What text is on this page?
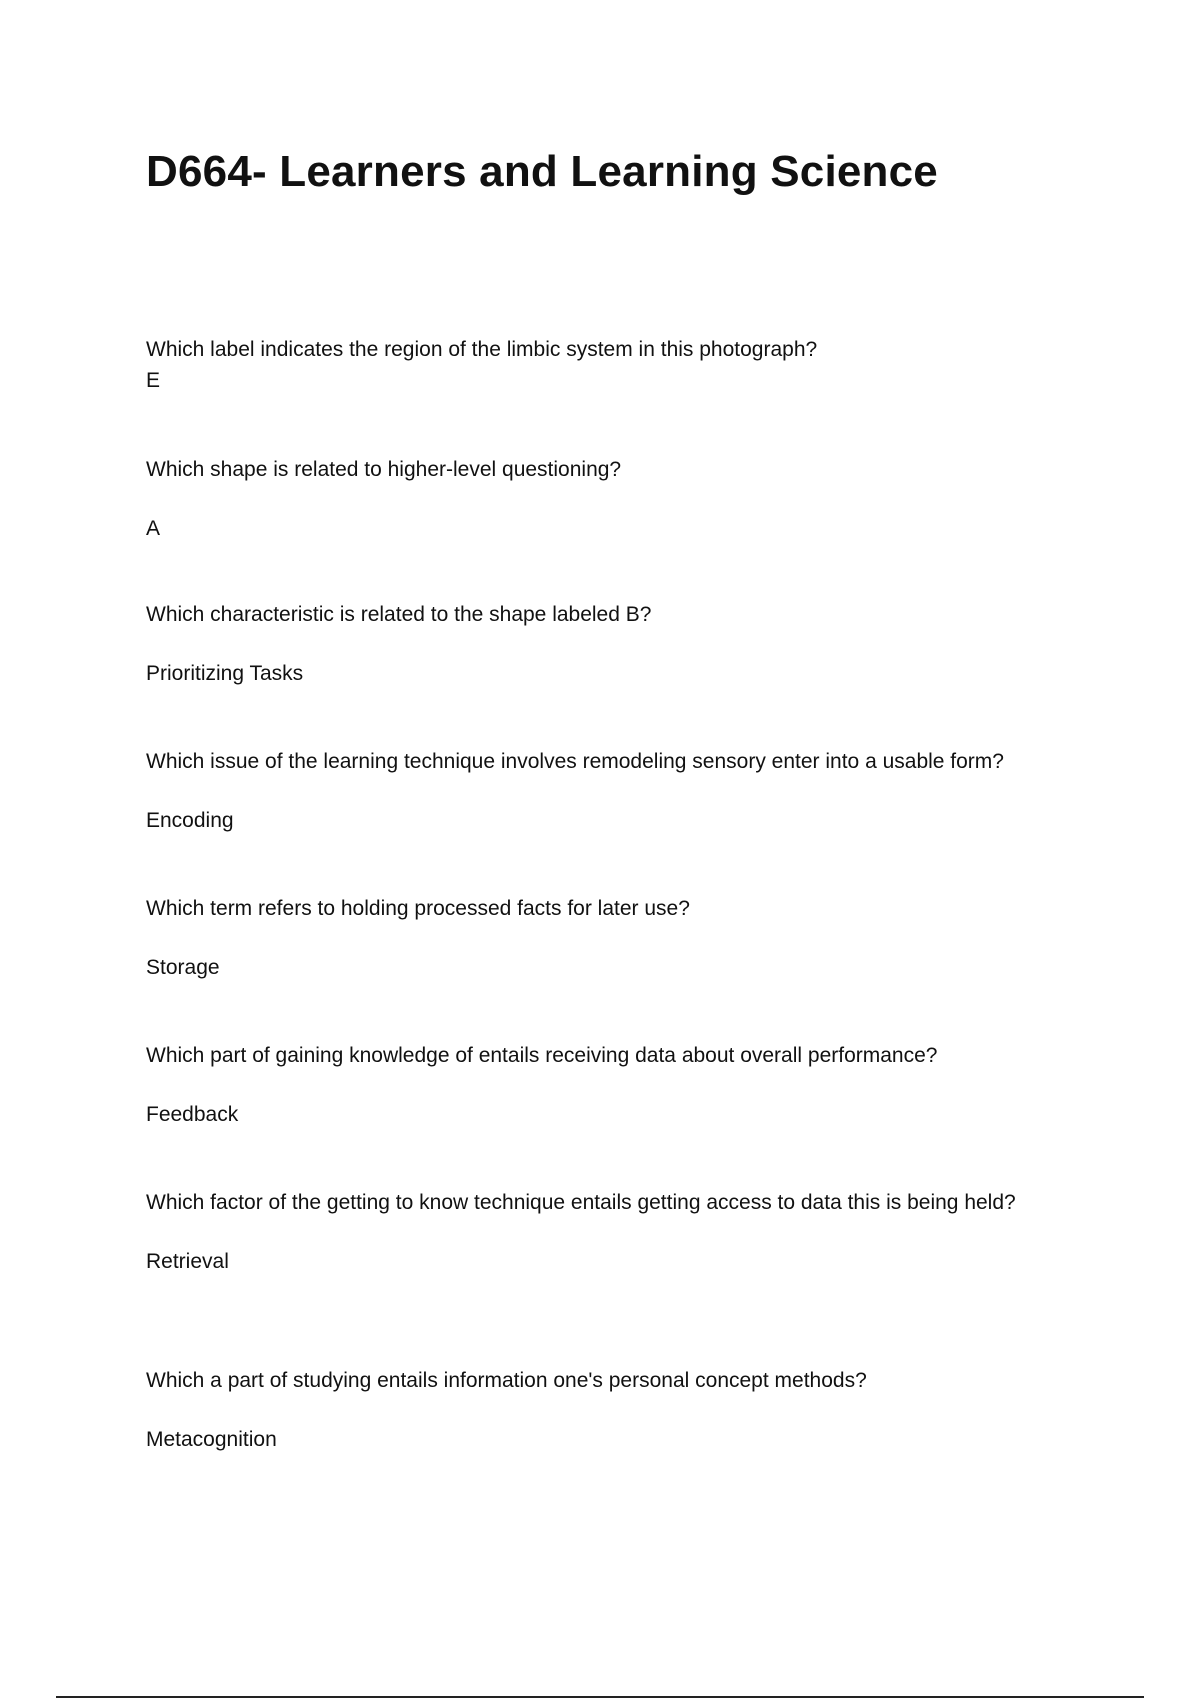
D664- Learners and Learning Science
Which label indicates the region of the limbic system in this photograph?
E
Which shape is related to higher-level questioning?
A
Which characteristic is related to the shape labeled B?
Prioritizing Tasks
Which issue of the learning technique involves remodeling sensory enter into a usable form?
Encoding
Which term refers to holding processed facts for later use?
Storage
Which part of gaining knowledge of entails receiving data about overall performance?
Feedback
Which factor of the getting to know technique entails getting access to data this is being held?
Retrieval
Which a part of studying entails information one's personal concept methods?
Metacognition
